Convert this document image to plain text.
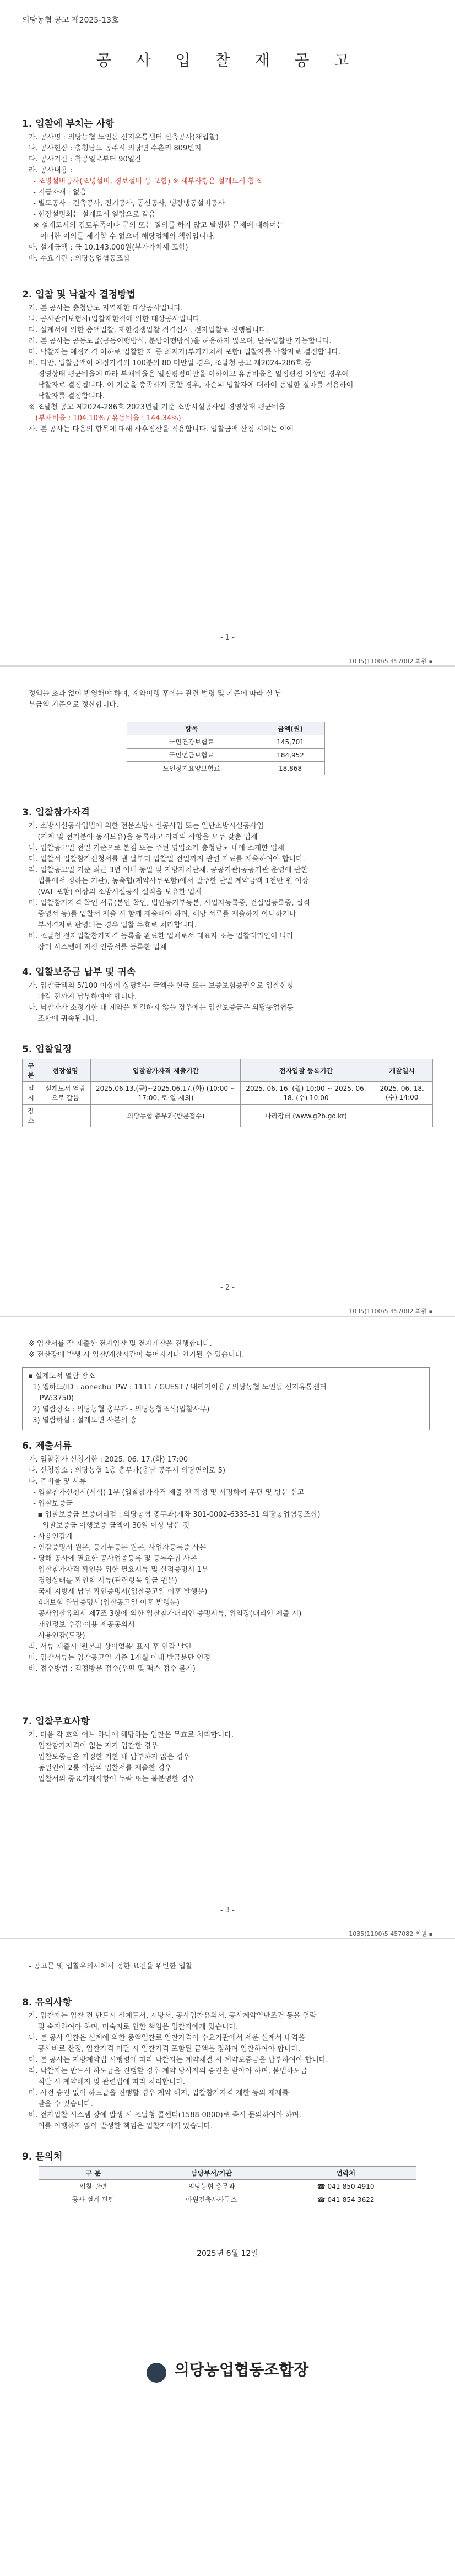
의당농협 공고 제2025-13호
공 사 입 찰 재 공 고
1. 입찰에 부치는 사항
가. 공사명 : 의당농협 노인동 신지유통센터 신축공사(재입찰)
나. 공사현장 : 충청남도 공주시 의당면 수촌리 809번지
다. 공사기간 : 착공일로부터 90일간
라. 공사내용 :
- 조명설비공사(조명설비, 경보설비 등 포함) ※ 세부사항은 설계도서 참조
- 지급자재 : 없음
- 별도공사 : 건축공사, 전기공사, 통신공사, 냉장냉동설비공사
- 현장설명회는 설계도서 열람으로 갈음
※ 설계도서의 검토부족이나 문의 또는 질의를 하지 않고 발생한 문제에 대하여는
어떠한 이의를 제기할 수 없으며 해당업체의 책임입니다.
마. 설계금액 : 금 10,143,000원(부가가치세 포함)
바. 수요기관 : 의당농업협동조합
2. 입찰 및 낙찰자 결정방법
가. 본 공사는 충청남도 지역제한 대상공사입니다.
나. 공사관리보험사(입찰제한적에 의한 대상공사입니다.
다. 설계서에 의한 총액입찰, 제한경쟁입찰 적격심사, 전자입찰로 진행됩니다.
라. 본 공사는 공동도급(공동이행방식, 분담이행방식)을 허용하지 않으며, 단독입찰만 가능합니다.
마. 낙찰자는 예정가격 이하로 입찰한 자 중 최저가(부가가치세 포함) 입찰자를 낙찰자로 결정합니다.
바. 다만, 입찰금액이 예정가격의 100분의 80 미만일 경우, 조달청 공고 제2024-286호 중
경영상태 평균비율에 따라 부채비율은 일정평점미만을 이하이고 유동비율은 일정평점 이상인 경우에
낙찰자로 결정됩니다. 이 기준을 충족하지 못할 경우, 차순위 입찰자에 대하여 동일한 절차를 적용하여
낙찰자를 결정합니다.
※ 조달청 공고 제2024-286호 2023년말 기준 소방시설공사업 경영상태 평균비율
(부채비율 : 104.10% / 유동비율 : 144.34%)
사. 본 공사는 다음의 항목에 대해 사후정산을 적용합니다. 입찰금액 산정 시에는 이에
- 1 -
1035(1100)5 457082 최원 ▪
정액을 초과 없이 반영해야 하며, 계약이행 후에는 관련 법령 및 기준에 따라 실 납
부금액 기준으로 정산합니다.
항목	금액(원)
국민건강보험료	145,701
국민연금보험료	184,952
노인장기요양보험료	18,868
3. 입찰참가자격
가. 소방시설공사업법에 의한 전문소방시설공사업 또는 일반소방시설공사업
(기계 및 전기분야 동시보유)을 등록하고 아래의 사항을 모두 갖춘 업체
나. 입찰공고일 전일 기준으로 본점 또는 주된 영업소가 충청남도 내에 소재한 업체
다. 입찰서 입찰참가신청서를 낸 날부터 입찰일 전일까지 관련 자료를 제출하여야 합니다.
라. 입찰공고일 기준 최근 3년 이내 동일 및 지방자치단체, 공공기관(공공기관 운영에 관한
법률에서 정하는 기관), 농축협(계약사무포함)에서 발주한 단일 계약금액 1천만 원 이상
(VAT 포함) 이상의 소방시설공사 실적을 보유한 업체
마. 입찰참가자격 확인 서류(본인 확인, 법인등기부등본, 사업자등록증, 건설업등록증, 실적
증명서 등)를 입찰서 제출 시 함께 제출해야 하며, 해당 서류를 제출하지 아니하거나
부적격자로 판명되는 경우 입찰 무효로 처리합니다.
바. 조달청 전자입찰참가자격 등록을 완료한 업체로서 대표자 또는 입찰대리인이 나라
장터 시스템에 지정 인증서를 등록한 업체
4. 입찰보증금 납부 및 귀속
가. 입찰금액의 5/100 이상에 상당하는 금액을 현금 또는 보증보험증권으로 입찰신청
마감 전까지 납부하여야 합니다.
나. 낙찰자가 소정기한 내 계약을 체결하지 않을 경우에는 입찰보증금은 의당농업협동
조합에 귀속됩니다.
5. 입찰일정
구분	현장설명	입찰참가자격 제출기간	전자입찰 등록기간	개찰일시
일시	설계도서 열람으로 갈음	2025.06.13.(금)~2025.06.17.(화) (10:00 ~ 17:00, 토·일 제외)	2025. 06. 16. (월) 10:00 ~ 2025. 06. 18. (수) 10:00	2025. 06. 18.(수) 14:00
장소		의당농협 총무과(방문접수)	나라장터 (www.g2b.go.kr)	-
- 2 -
1035(1100)5 457082 최원 ▪
※ 입찰서를 잘 제출한 전자입찰 및 전자개찰을 진행합니다.
※ 전산장애 발생 시 입찰/개찰시간이 늦어지거나 연기될 수 있습니다.
▪ 설계도서 열람 장소
1) 웹하드(ID : aonechu  PW : 1111 / GUEST / 내리기이용 / 의당농협 노인동 신지유통센터
PW:3750)
2) 열람장소 : 의당농협 총무과 - 의당농협조식(입찰사무)
3) 열람하실 : 설계도면 사본의 송
6. 제출서류
가. 입찰참가 신청기한 : 2025. 06. 17.(화) 17:00
나. 신청장소 : 의당농협 1층 총무과(충남 공주시 의당면의로 5)
다. 준비물 및 서류
- 입찰참가신청서(서식) 1부 (입찰참가자격 제출 전 작성 및 서명하여 우편 및 방문 신고
- 입찰보증금
▪ 입찰보증금 보증대리점 : 의당농협 총무과(계좌 301-0002-6335-31 의당농업협동조합)
입찰보증금 이행보증 금액이 30일 이상 남은 것
- 사용인감계
- 인감증명서 원본, 등기부등본 원본, 사업자등록증 사본
- 당해 공사에 필요한 공사업종등록 및 등록수첩 사본
- 입찰참가자격 확인을 위한 필요서류 및 실적증명서 1부
- 경영상태를 확인할 서류(관련항목 입금 원본)
- 국세 지방세 납부 확인증명서(입찰공고일 이후 발행분)
- 4대보험 완납증명서(입찰공고일 이후 발행분)
- 공사입찰유의서 제7조 3항에 의한 입찰참가대리인 증명서류, 위임장(대리인 제출 시)
- 개인정보 수집·이용 제공동의서
- 사용인감(도장)
라. 서류 제출시 '원본과 상이없음' 표시 후 인감 날인
마. 입찰서류는 입찰공고일 기준 1개월 이내 발급분만 인정
바. 접수방법 : 직접방문 접수(우편 및 팩스 접수 불가)
7. 입찰무효사항
가. 다음 각 호의 어느 하나에 해당하는 입찰은 무효로 처리합니다.
- 입찰참가자격이 없는 자가 입찰한 경우
- 입찰보증금을 지정한 기한 내 납부하지 않은 경우
- 동일인이 2통 이상의 입찰서를 제출한 경우
- 입찰서의 중요기재사항이 누락 또는 불분명한 경우
- 3 -
1035(1100)5 457082 최원 ▪
- 공고문 및 입찰유의서에서 정한 요건을 위반한 입찰
8. 유의사항
가. 입찰자는 입찰 전 반드시 설계도서, 시방서, 공사입찰유의서, 공사계약일반조건 등을 열람
및 숙지하여야 하며, 미숙지로 인한 책임은 입찰자에게 있습니다.
나. 본 공사 입찰은 설계에 의한 총액입찰로 입찰가격이 수요기관에서 세운 설계서 내역을
공사비로 산정, 입찰가격 미달 시 입찰가격 포함된 금액을 정하며 입찰하여야 합니다.
다. 본 공사는 지방계약법 시행령에 따라 낙찰자는 계약체결 시 계약보증금을 납부하여야 합니다.
라. 낙찰자는 반드시 하도급을 진행할 경우 계약 당사자의 승인을 받아야 하며, 불법하도급
적발 시 계약해지 및 관련법에 따라 처리합니다.
마. 사전 승인 없이 하도급을 진행할 경우 계약 해지, 입찰참가자격 제한 등의 제재를
받을 수 있습니다.
바. 전자입찰 시스템 장애 발생 시 조달청 콜센터(1588-0800)로 즉시 문의하여야 하며,
이를 이행하지 않아 발생한 책임은 입찰자에게 있습니다.
9. 문의처
구 분	담당부서/기관	연락처
입찰 관련	의당농협 총무과	☎ 041-850-4910
공사 설계 관련	아원건축사사무소	☎ 041-854-3622
2025년 6월 12일
의당농업협동조합장
